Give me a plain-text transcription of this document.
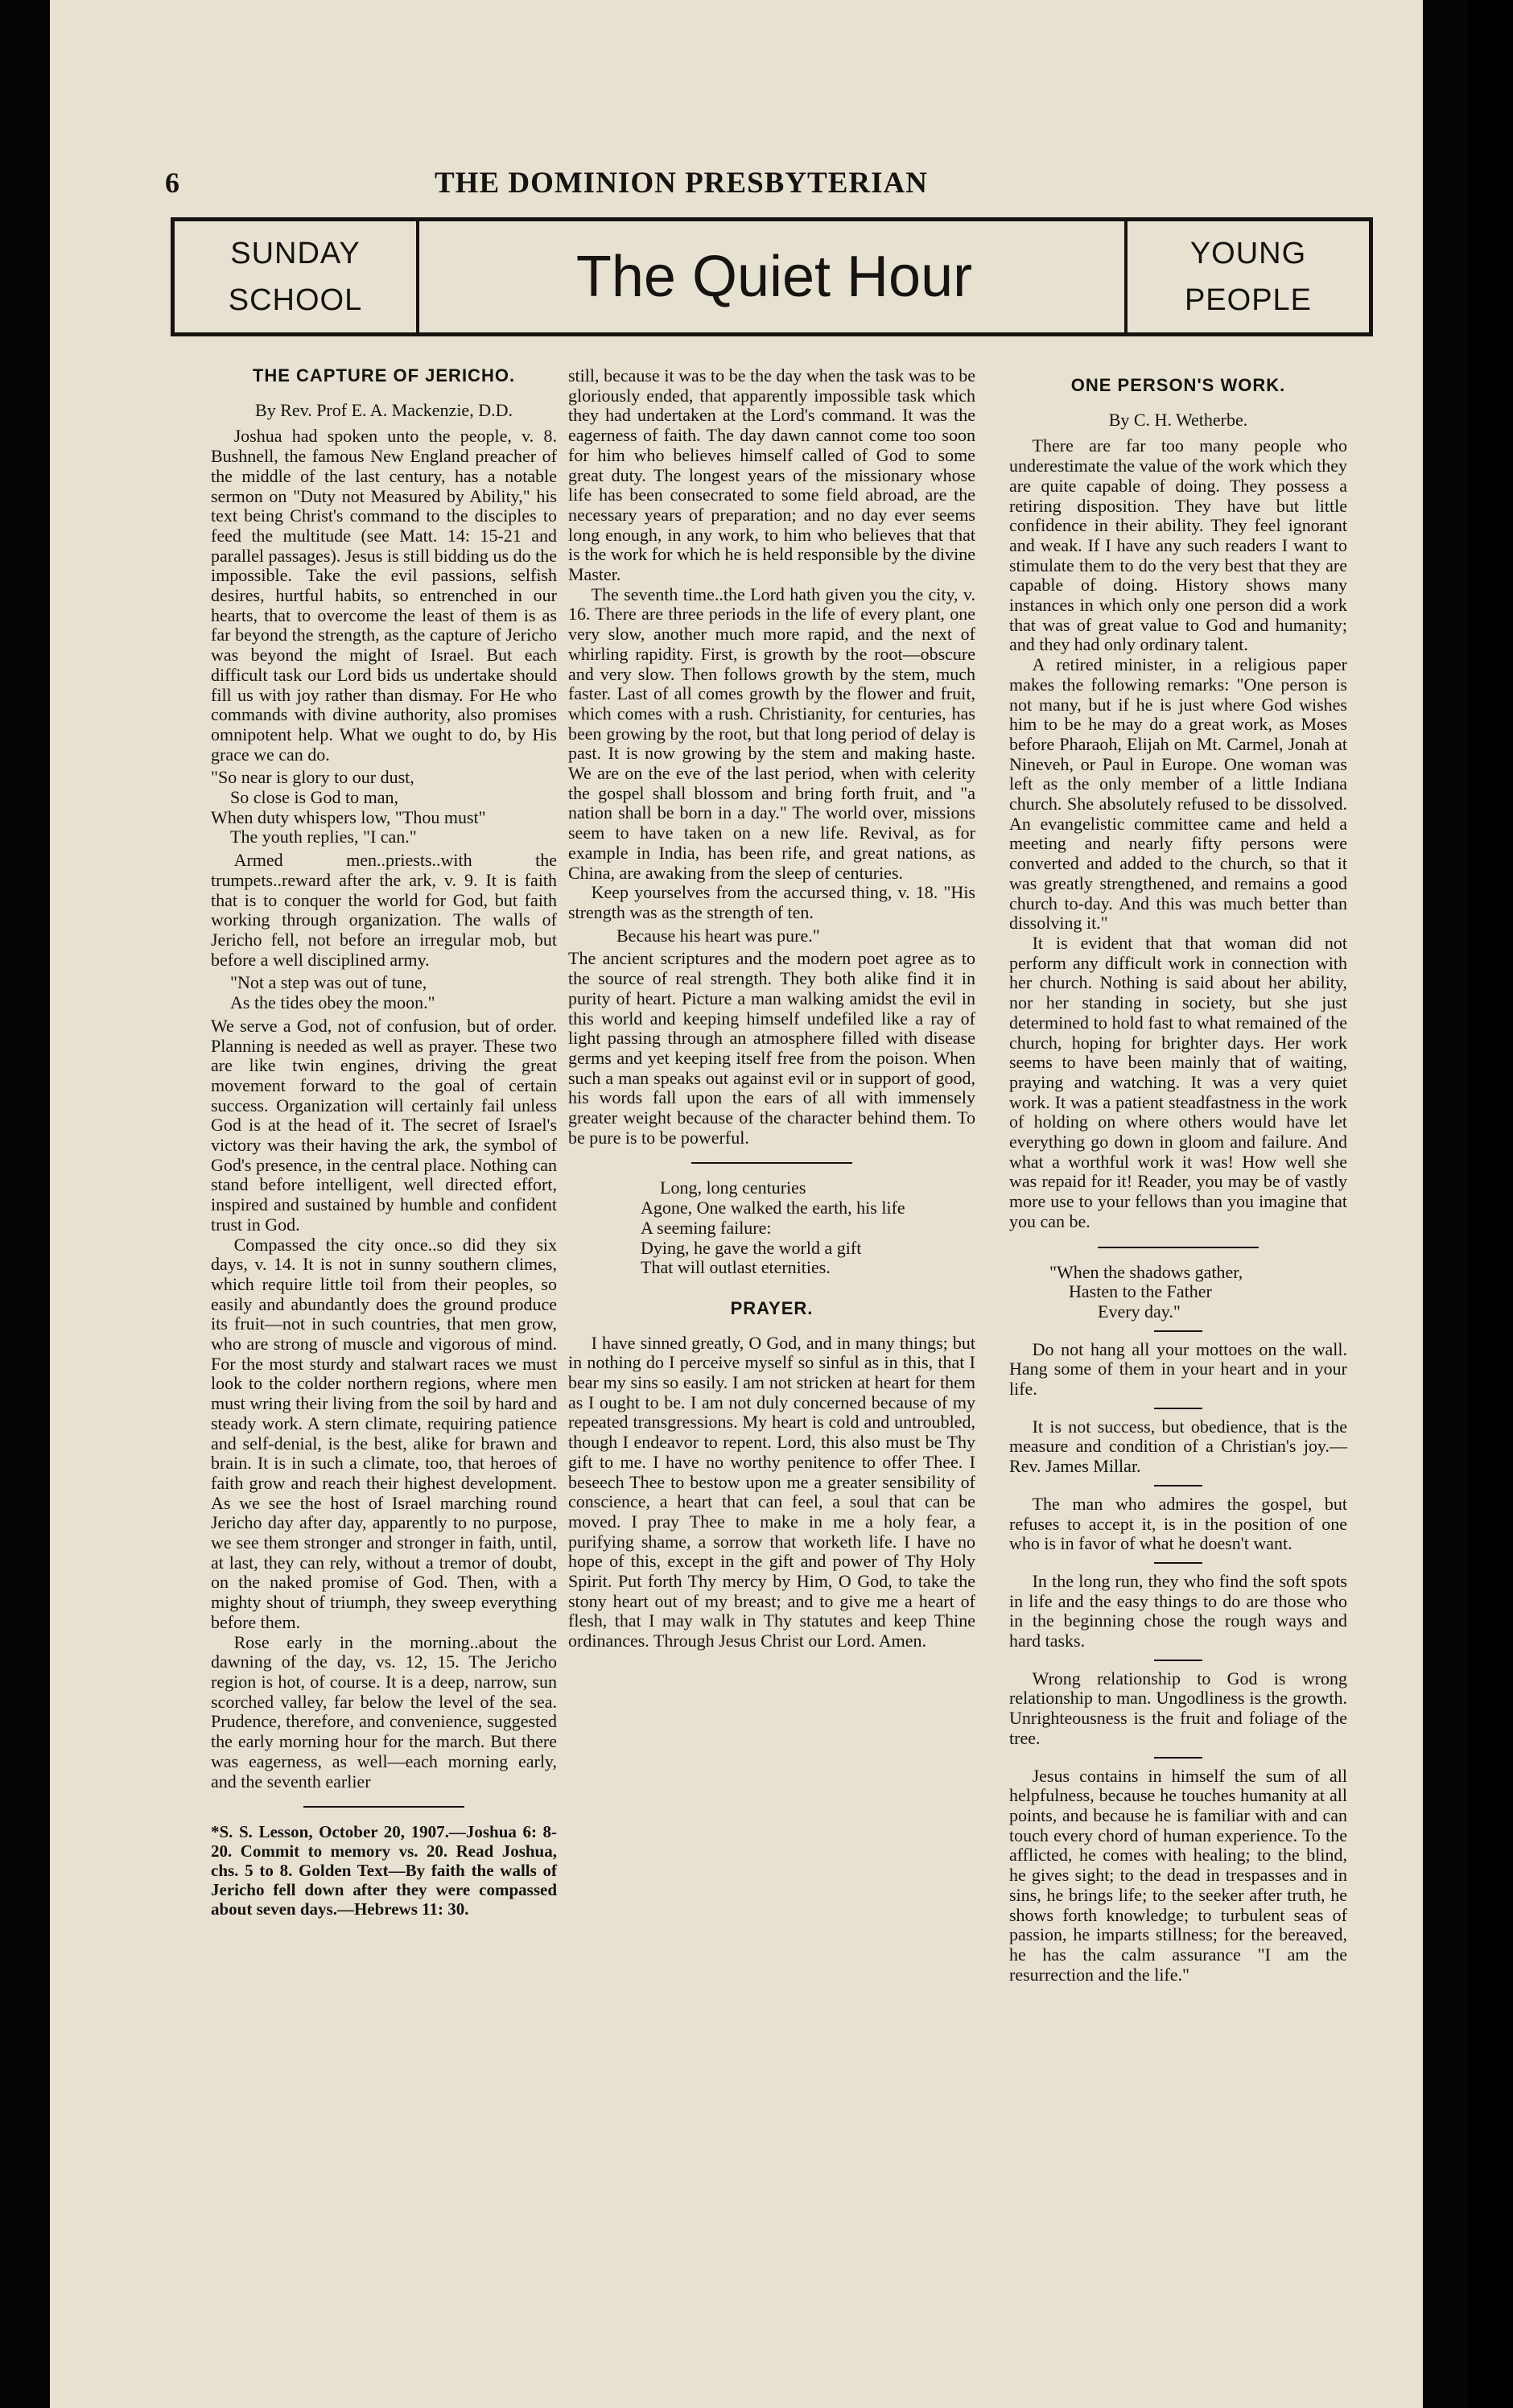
6	THE DOMINION PRESBYTERIAN
SUNDAY
SCHOOL	The Quiet Hour	YOUNG
PEOPLE
THE CAPTURE OF JERICHO.
By Rev. Prof E. A. Mackenzie, D.D.

Joshua had spoken unto the people, v. 8. Bushnell, the famous New England preacher of the middle of the last century, has a notable sermon on "Duty not Measured by Ability," his text being Christ's command to the disciples to feed the multitude (see Matt. 14: 15-21 and parallel passages). Jesus is still bidding us do the impossible. Take the evil passions, selfish desires, hurtful habits, so entrenched in our hearts, that to overcome the least of them is as far beyond the strength, as the capture of Jericho was beyond the might of Israel. But each difficult task our Lord bids us undertake should fill us with joy rather than dismay. For He who commands with divine authority, also promises omnipotent help. What we ought to do, by His grace we can do.

"So near is glory to our dust,
So close is God to man,
When duty whispers low, "Thou must"
The youth replies, "I can."

Armed men..priests..with the trumpets..reward after the ark, v. 9. It is faith that is to conquer the world for God, but faith working through organization. The walls of Jericho fell, not before an irregular mob, but before a well disciplined army.

"Not a step was out of tune,
As the tides obey the moon."

We serve a God, not of confusion, but of order. Planning is needed as well as prayer. These two are like twin engines, driving the great movement forward to the goal of certain success. Organization will certainly fail unless God is at the head of it. The secret of Israel's victory was their having the ark, the symbol of God's presence, in the central place. Nothing can stand before intelligent, well directed effort, inspired and sustained by humble and confident trust in God.

Compassed the city once..so did they six days, v. 14. It is not in sunny southern climes, which require little toil from their peoples, so easily and abundantly does the ground produce its fruit—not in such countries, that men grow, who are strong of muscle and vigorous of mind. For the most sturdy and stalwart races we must look to the colder northern regions, where men must wring their living from the soil by hard and steady work. A stern climate, requiring patience and self-denial, is the best, alike for brawn and brain. It is in such a climate, too, that heroes of faith grow and reach their highest development. As we see the host of Israel marching round Jericho day after day, apparently to no purpose, we see them stronger and stronger in faith, until, at last, they can rely, without a tremor of doubt, on the naked promise of God. Then, with a mighty shout of triumph, they sweep everything before them.

Rose early in the morning..about the dawning of the day, vs. 12, 15. The Jericho region is hot, of course. It is a deep, narrow, sun scorched valley, far below the level of the sea. Prudence, therefore, and convenience, suggested the early morning hour for the march. But there was eagerness, as well—each morning early, and the seventh earlier

*S. S. Lesson, October 20, 1907.—Joshua 6: 8-20. Commit to memory vs. 20. Read Joshua, chs. 5 to 8. Golden Text—By faith the walls of Jericho fell down after they were compassed about seven days.—Hebrews 11: 30.

still, because it was to be the day when the task was to be gloriously ended, that apparently impossible task which they had undertaken at the Lord's command. It was the eagerness of faith. The day dawn cannot come too soon for him who believes himself called of God to some great duty. The longest years of the missionary whose life has been consecrated to some field abroad, are the necessary years of preparation; and no day ever seems long enough, in any work, to him who believes that that is the work for which he is held responsible by the divine Master.

The seventh time..the Lord hath given you the city, v. 16. There are three periods in the life of every plant, one very slow, another much more rapid, and the next of whirling rapidity. First, is growth by the root—obscure and very slow. Then follows growth by the stem, much faster. Last of all comes growth by the flower and fruit, which comes with a rush. Christianity, for centuries, has been growing by the root, but that long period of delay is past. It is now growing by the stem and making haste. We are on the eve of the last period, when with celerity the gospel shall blossom and bring forth fruit, and "a nation shall be born in a day." The world over, missions seem to have taken on a new life. Revival, as for example in India, has been rife, and great nations, as China, are awaking from the sleep of centuries.

Keep yourselves from the accursed thing, v. 18. "His strength was as the strength of ten.

Because his heart was pure."

The ancient scriptures and the modern poet agree as to the source of real strength. They both alike find it in purity of heart. Picture a man walking amidst the evil in this world and keeping himself undefiled like a ray of light passing through an atmosphere filled with disease germs and yet keeping itself free from the poison. When such a man speaks out against evil or in support of good, his words fall upon the ears of all with immensely greater weight because of the character behind them. To be pure is to be powerful.

Long, long centuries
Agone, One walked the earth, his life
A seeming failure:
Dying, he gave the world a gift
That will outlast eternities.
PRAYER.

I have sinned greatly, O God, and in many things; but in nothing do I perceive myself so sinful as in this, that I bear my sins so easily. I am not stricken at heart for them as I ought to be. I am not duly concerned because of my repeated transgressions. My heart is cold and untroubled, though I endeavor to repent. Lord, this also must be Thy gift to me. I have no worthy penitence to offer Thee. I beseech Thee to bestow upon me a greater sensibility of conscience, a heart that can feel, a soul that can be moved. I pray Thee to make in me a holy fear, a purifying shame, a sorrow that worketh life. I have no hope of this, except in the gift and power of Thy Holy Spirit. Put forth Thy mercy by Him, O God, to take the stony heart out of my breast; and to give me a heart of flesh, that I may walk in Thy statutes and keep Thine ordinances. Through Jesus Christ our Lord. Amen.

ONE PERSON'S WORK.
By C. H. Wetherbe.

There are far too many people who underestimate the value of the work which they are quite capable of doing. They possess a retiring disposition. They have but little confidence in their ability. They feel ignorant and weak. If I have any such readers I want to stimulate them to do the very best that they are capable of doing. History shows many instances in which only one person did a work that was of great value to God and humanity; and they had only ordinary talent.

A retired minister, in a religious paper makes the following remarks: "One person is not many, but if he is just where God wishes him to be he may do a great work, as Moses before Pharaoh, Elijah on Mt. Carmel, Jonah at Nineveh, or Paul in Europe. One woman was left as the only member of a little Indiana church. She absolutely refused to be dissolved. An evangelistic committee came and held a meeting and nearly fifty persons were converted and added to the church, so that it was greatly strengthened, and remains a good church to-day. And this was much better than dissolving it."

It is evident that that woman did not perform any difficult work in connection with her church. Nothing is said about her ability, nor her standing in society, but she just determined to hold fast to what remained of the church, hoping for brighter days. Her work seems to have been mainly that of waiting, praying and watching. It was a very quiet work. It was a patient steadfastness in the work of holding on where others would have let everything go down in gloom and failure. And what a worthful work it was! How well she was repaid for it! Reader, you may be of vastly more use to your fellows than you imagine that you can be.

"When the shadows gather,
Hasten to the Father
Every day."

Do not hang all your mottoes on the wall. Hang some of them in your heart and in your life.

It is not success, but obedience, that is the measure and condition of a Christian's joy.—Rev. James Millar.

The man who admires the gospel, but refuses to accept it, is in the position of one who is in favor of what he doesn't want.

In the long run, they who find the soft spots in life and the easy things to do are those who in the beginning chose the rough ways and hard tasks.

Wrong relationship to God is wrong relationship to man. Ungodliness is the growth. Unrighteousness is the fruit and foliage of the tree.

Jesus contains in himself the sum of all helpfulness, because he touches humanity at all points, and because he is familiar with and can touch every chord of human experience. To the afflicted, he comes with healing; to the blind, he gives sight; to the dead in trespasses and in sins, he brings life; to the seeker after truth, he shows forth knowledge; to turbulent seas of passion, he imparts stillness; for the bereaved, he has the calm assurance "I am the resurrection and the life."
